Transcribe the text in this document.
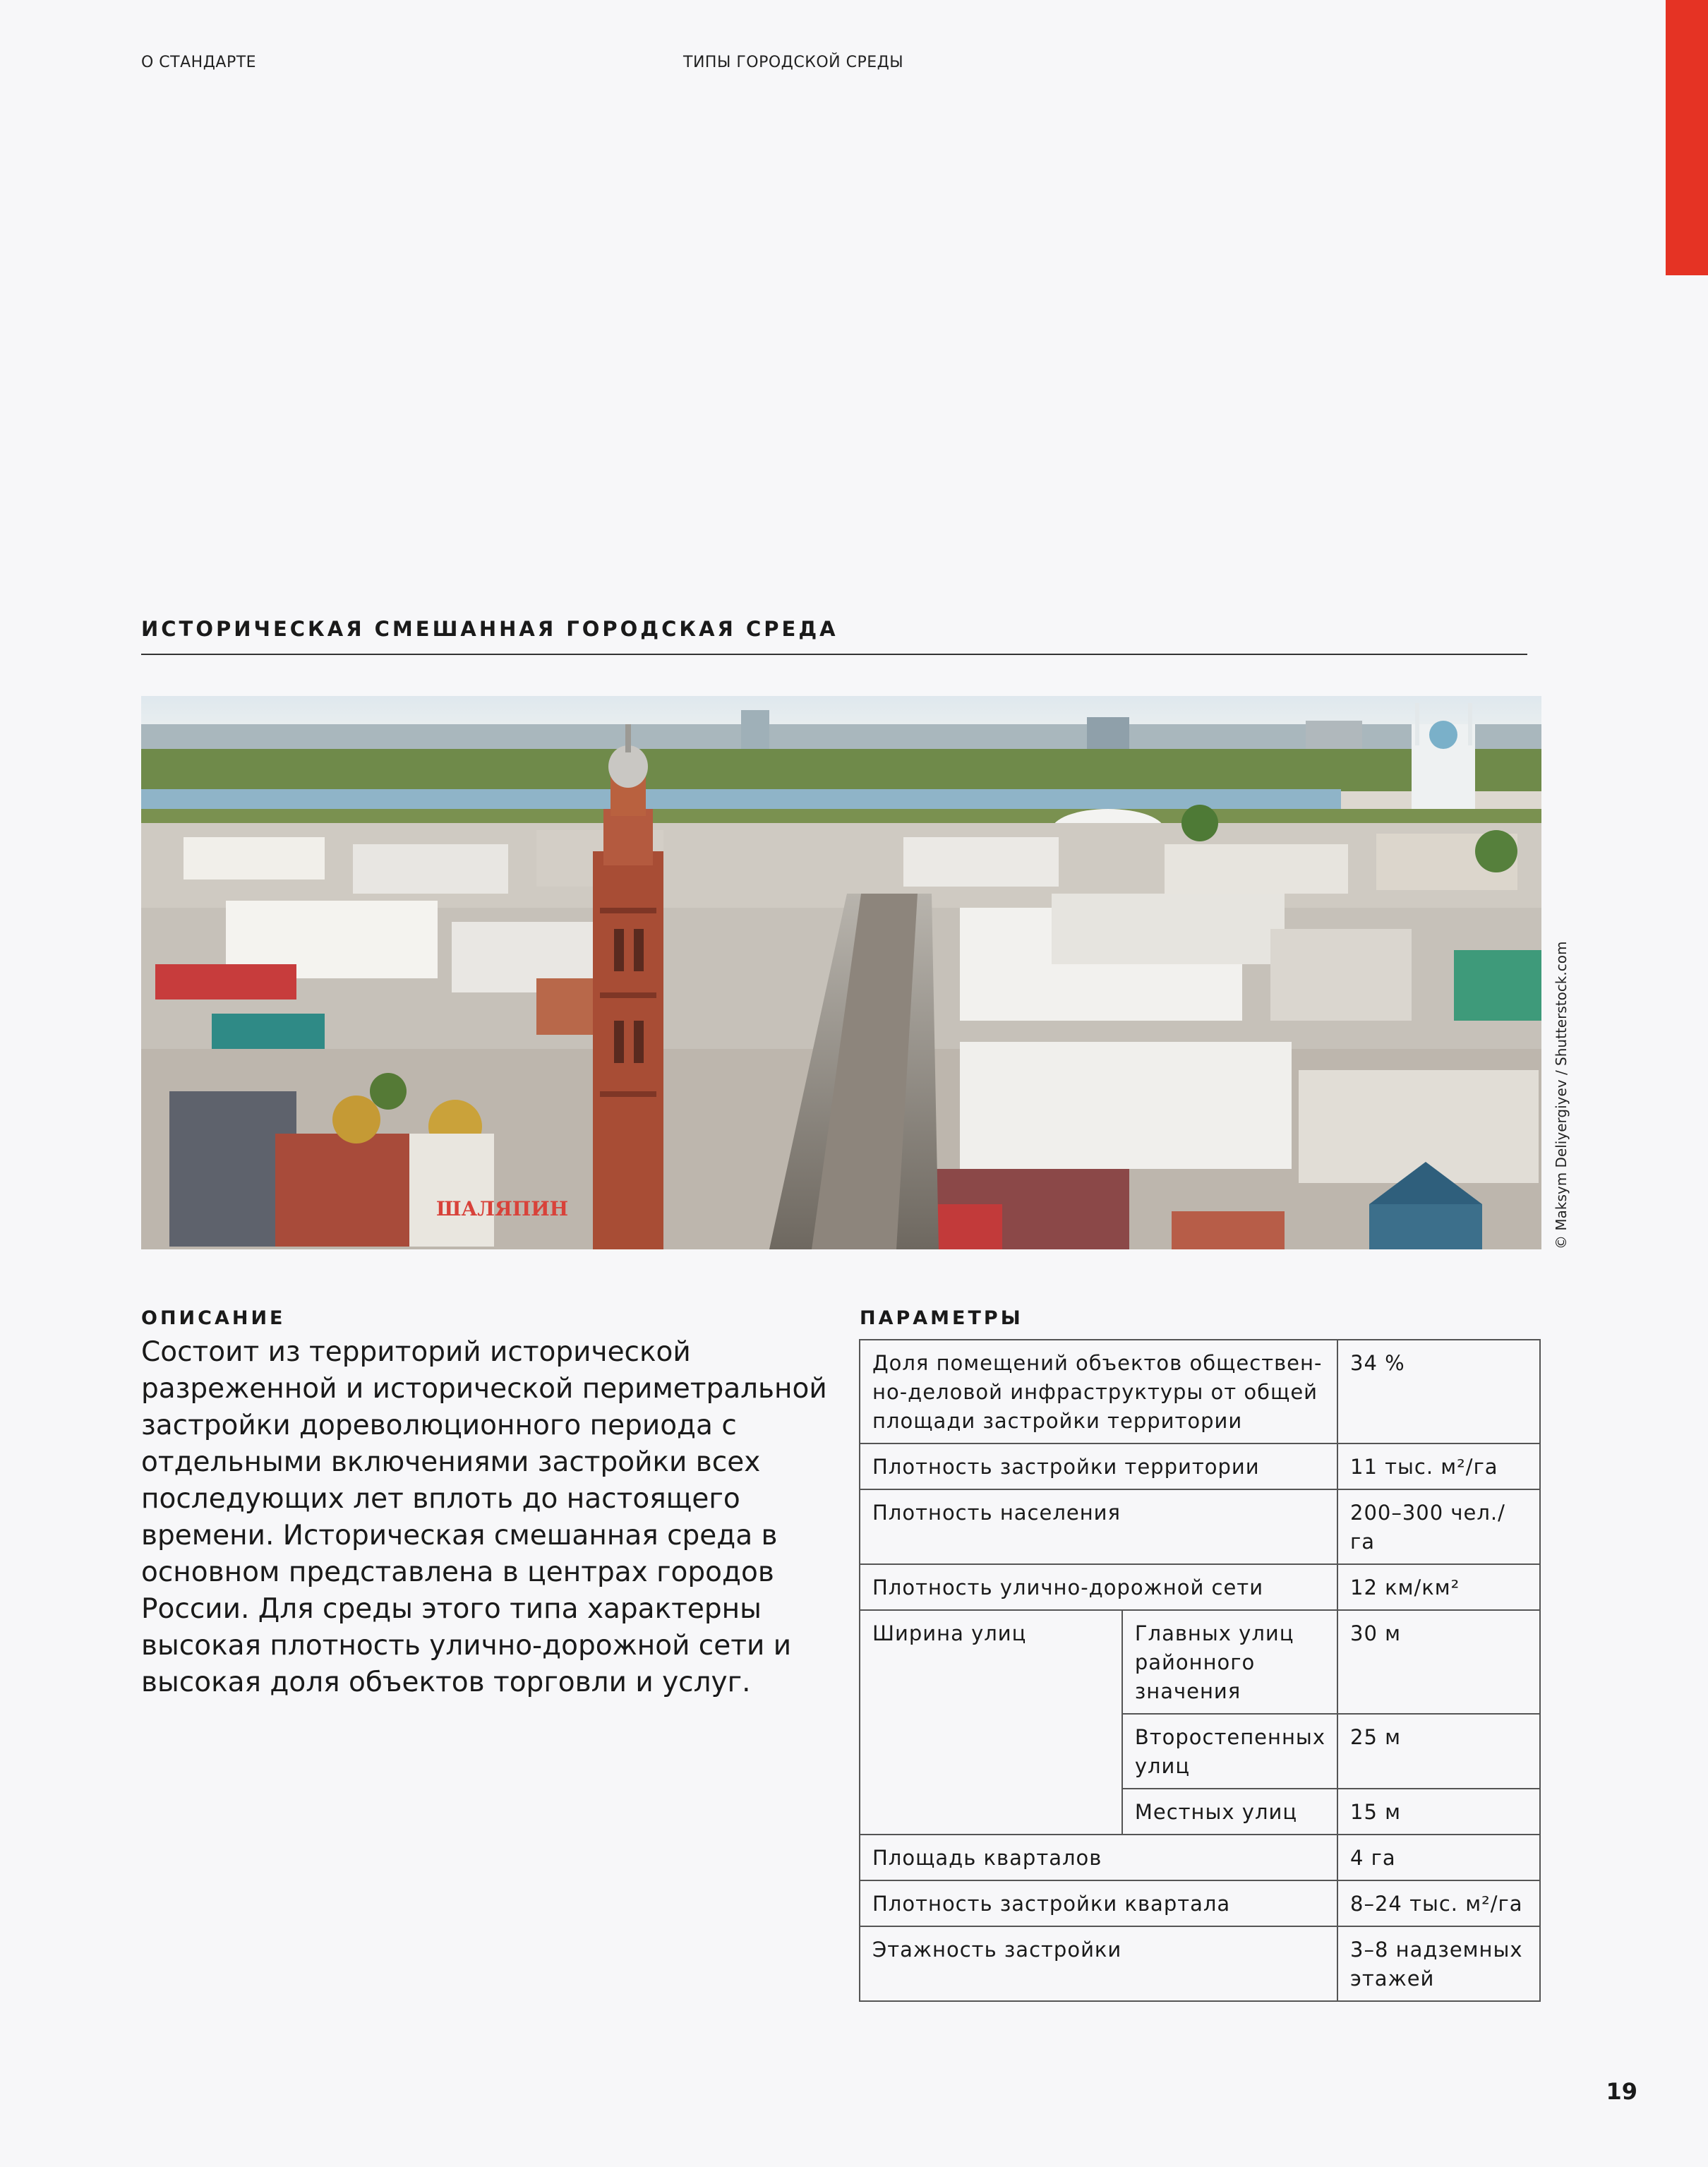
О СТАНДАРТЕ	ТИПЫ ГОРОДСКОЙ СРЕДЫ
ИСТОРИЧЕСКАЯ СМЕШАННАЯ ГОРОДСКАЯ СРЕДА
ШАЛЯПИН	© Maksym Deliyergiyev / Shutterstock.com
ОПИСАНИЕ

Состоит из территорий исторической разреженной и исторической периметральной застройки дореволюционного периода с отдельными включениями застройки всех последующих лет вплоть до настоящего времени. Историческая смешанная среда в основном представлена в центрах городов России. Для среды этого типа характерны высокая плотность улично-дорожной сети и высокая доля объектов торговли и услуг.

ПАРАМЕТРЫ
Доля помещений объектов общественно-деловой инфраструктуры от общей площади застройки территории		34 %
Плотность застройки территории		11 тыс. м²/га
Плотность населения		200–300 чел./га
Плотность улично-дорожной сети		12 км/км²
Ширина улиц	Главных улиц районного значения	30 м
	Второстепенных улиц	25 м
	Местных улиц	15 м
Площадь кварталов		4 га
Плотность застройки квартала		8–24 тыс. м²/га
Этажность застройки		3–8 надземных этажей
19
